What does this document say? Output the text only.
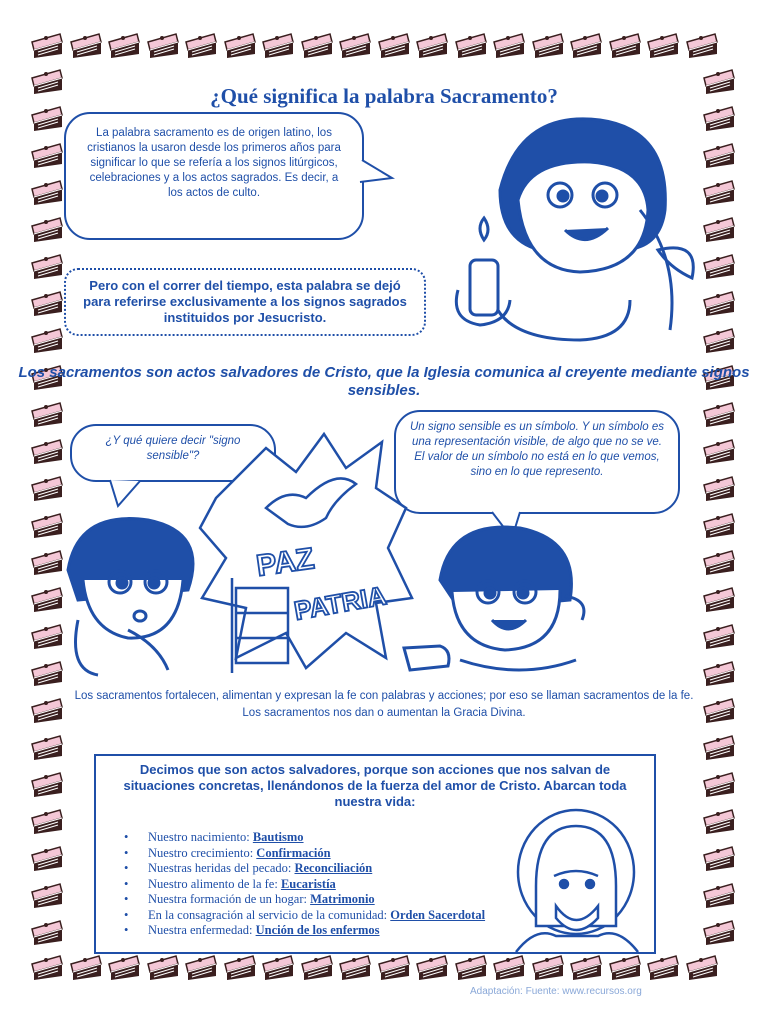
¿Qué significa la palabra Sacramento?
La palabra sacramento es de origen latino, los cristianos la usaron desde los primeros años para significar lo que se refería a los signos litúrgicos, celebraciones y a los actos sagrados. Es decir, a los actos de culto.
Pero con el correr del tiempo, esta palabra se dejó para referirse exclusivamente a los signos sagrados instituidos por Jesucristo.
Los sacramentos son actos salvadores de Cristo, que la Iglesia comunica al creyente mediante signos sensibles.
¿Y qué quiere decir "signo sensible"?
Un signo sensible es un símbolo. Y un símbolo es una representación visible, de algo que no se ve. El valor de un símbolo no está en lo que vemos, sino en lo que represento.
PAZ
PATRIA
Los sacramentos fortalecen, alimentan y expresan la fe con palabras y acciones; por eso se llaman sacramentos de la fe. Los sacramentos nos dan o aumentan la Gracia Divina.
Decimos que son actos salvadores, porque son acciones que nos salvan de situaciones concretas, llenándonos de la fuerza del amor de Cristo. Abarcan toda nuestra vida:
• Nuestro nacimiento: Bautismo
• Nuestro crecimiento: Confirmación
• Nuestras heridas del pecado: Reconciliación
• Nuestro alimento de la fe: Eucaristía
• Nuestra formación de un hogar: Matrimonio
• En la consagración al servicio de la comunidad: Orden Sacerdotal
• Nuestra enfermedad: Unción de los enfermos
Adaptación: Fuente: www.recursos.org
